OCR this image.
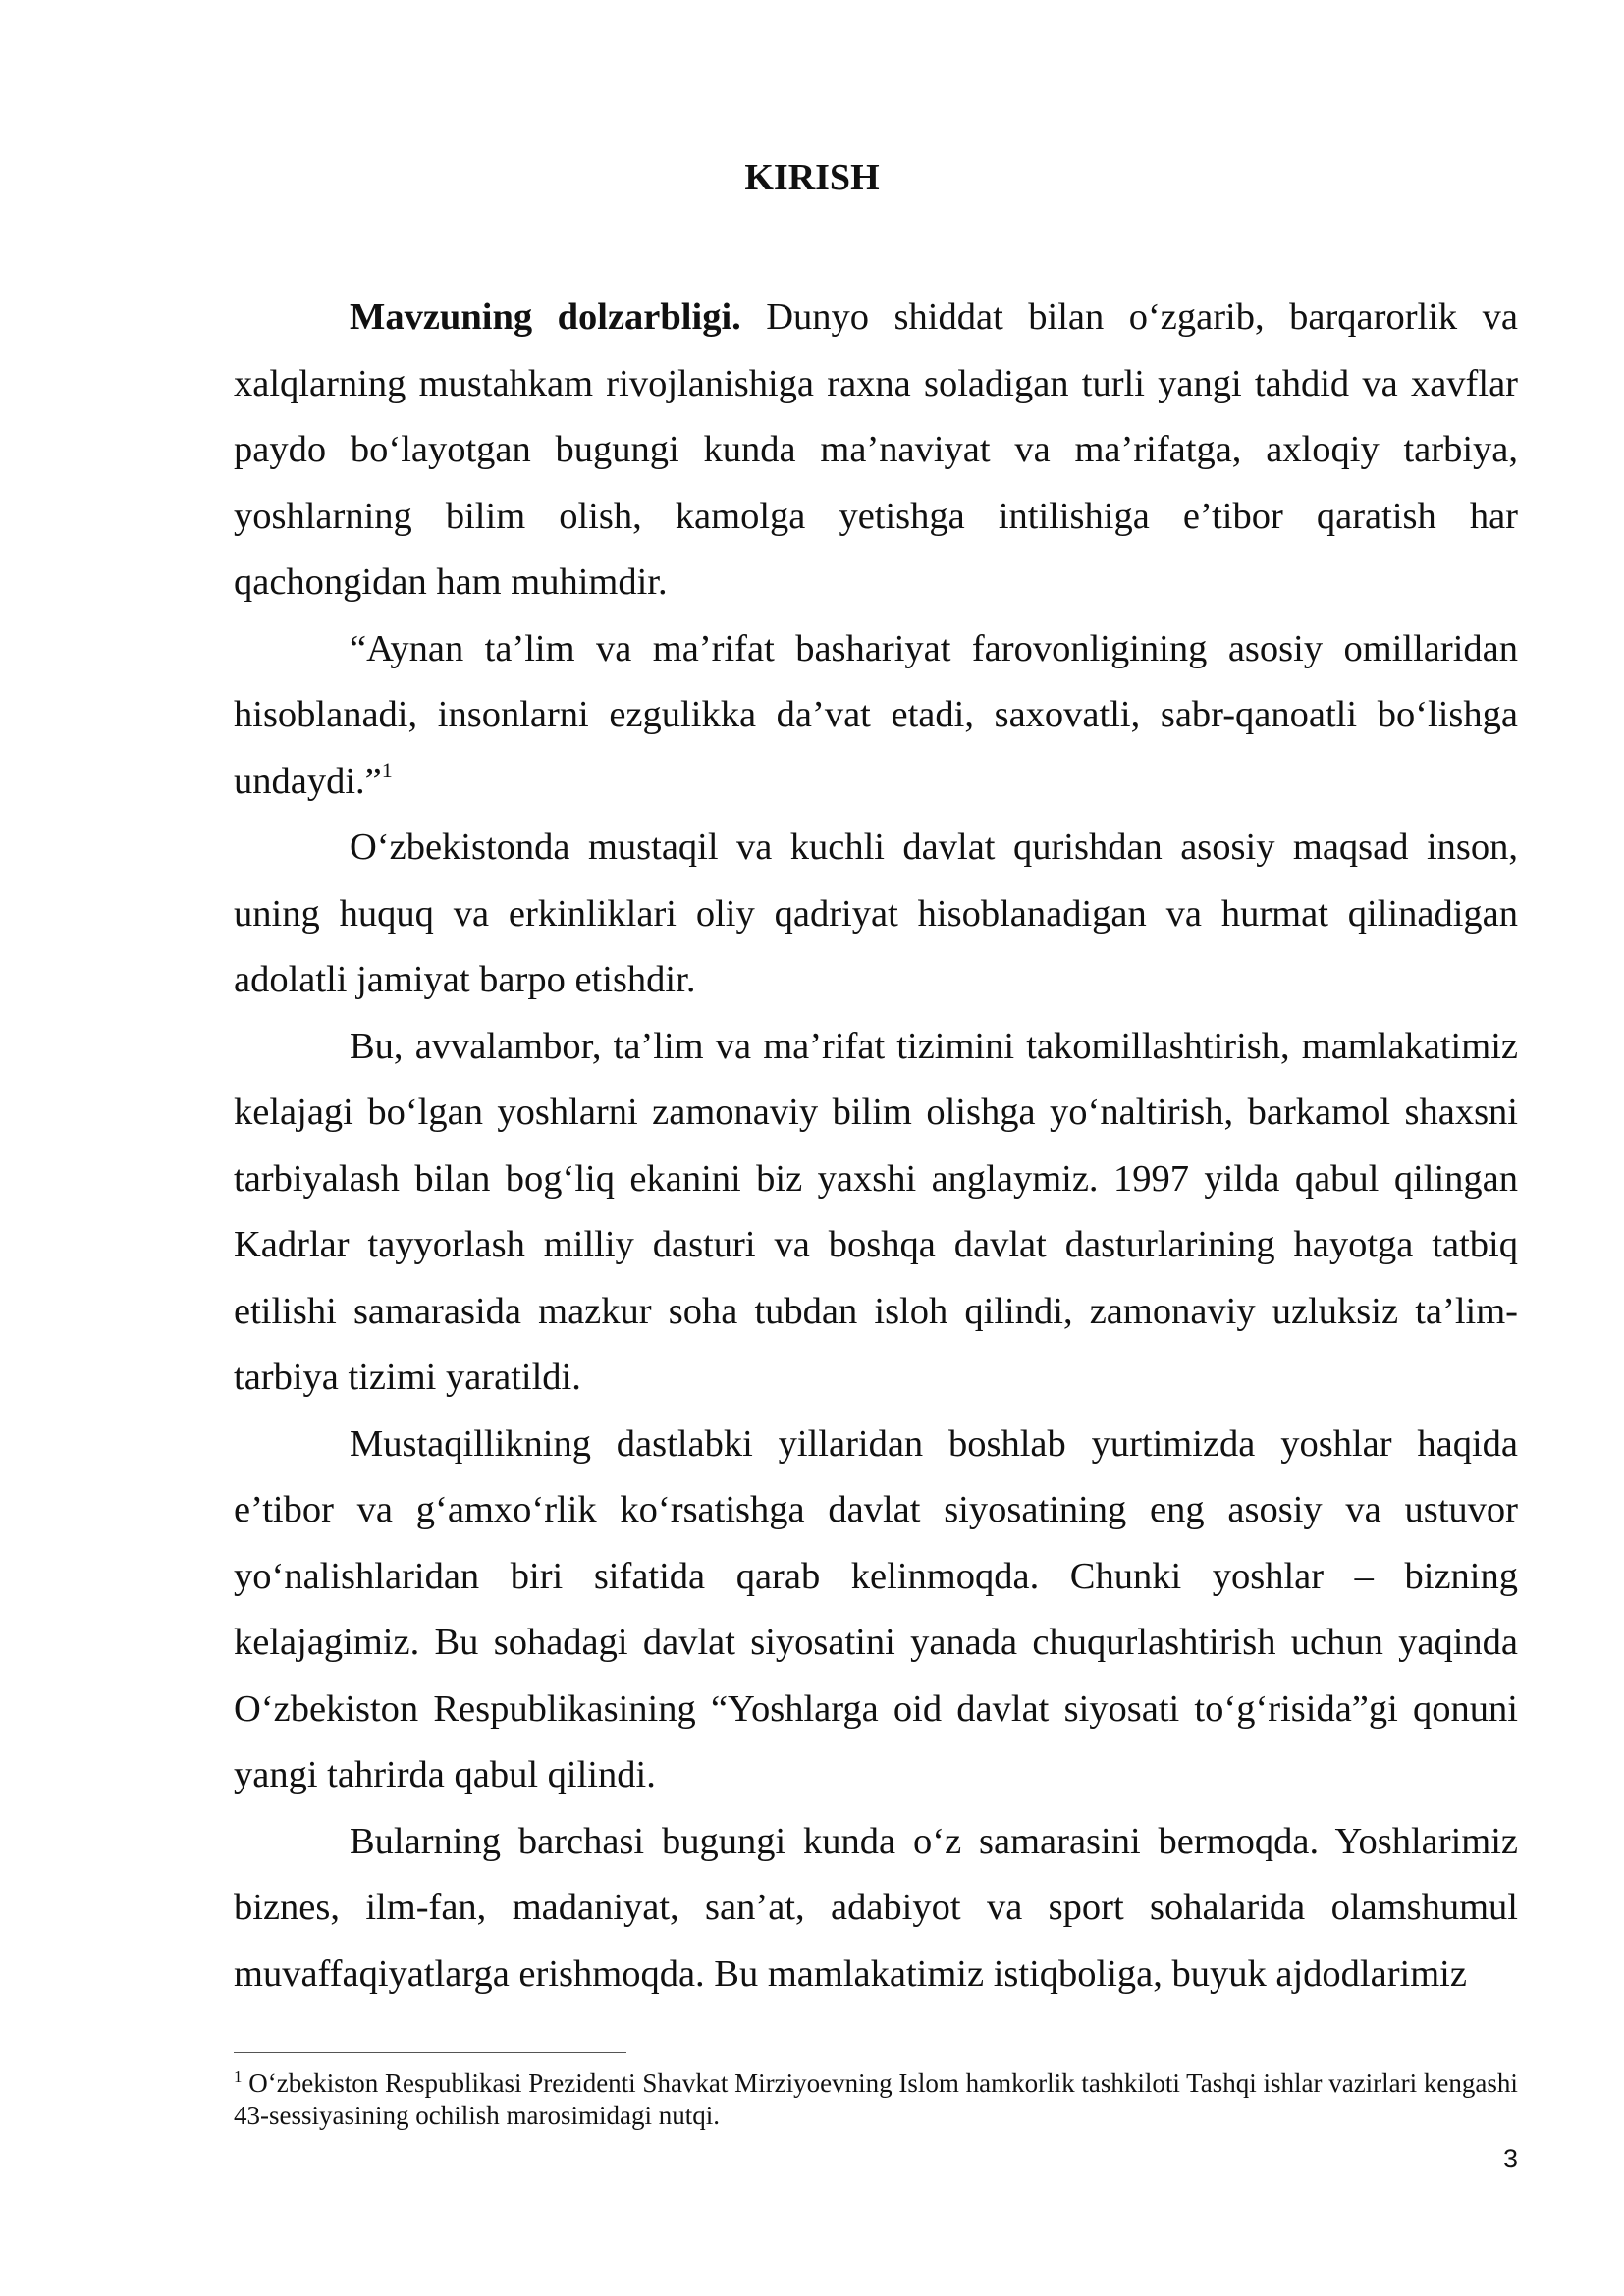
KIRISH

Mavzuning dolzarbligi. Dunyo shiddat bilan o‘zgarib, barqarorlik va xalqlarning mustahkam rivojlanishiga raxna soladigan turli yangi tahdid va xavflar paydo bo‘layotgan bugungi kunda ma’naviyat va ma’rifatga, axloqiy tarbiya, yoshlarning bilim olish, kamolga yetishga intilishiga e’tibor qaratish har qachongidan ham muhimdir.

“Aynan ta’lim va ma’rifat bashariyat farovonligining asosiy omillaridan hisoblanadi, insonlarni ezgulikka da’vat etadi, saxovatli, sabr-qanoatli bo‘lishga undaydi.”$^1$

O‘zbekistonda mustaqil va kuchli davlat qurishdan asosiy maqsad inson, uning huquq va erkinliklari oliy qadriyat hisoblanadigan va hurmat qilinadigan adolatli jamiyat barpo etishdir.

Bu, avvalambor, ta’lim va ma’rifat tizimini takomillashtirish, mamlakatimiz kelajagi bo‘lgan yoshlarni zamonaviy bilim olishga yo‘naltirish, barkamol shaxsni tarbiyalash bilan bog‘liq ekanini biz yaxshi anglaymiz. 1997 yilda qabul qilingan Kadrlar tayyorlash milliy dasturi va boshqa davlat dasturlarining hayotga tatbiq etilishi samarasida mazkur soha tubdan isloh qilindi, zamonaviy uzluksiz ta’lim-tarbiya tizimi yaratildi.

Mustaqillikning dastlabki yillaridan boshlab yurtimizda yoshlar haqida e’tibor va g‘amxo‘rlik ko‘rsatishga davlat siyosatining eng asosiy va ustuvor yo‘nalishlaridan biri sifatida qarab kelinmoqda. Chunki yoshlar – bizning kelajagimiz. Bu sohadagi davlat siyosatini yanada chuqurlashtirish uchun yaqinda O‘zbekiston Respublikasining “Yoshlarga oid davlat siyosati to‘g‘risida”gi qonuni yangi tahrirda qabul qilindi.

Bularning barchasi bugungi kunda o‘z samarasini bermoqda. Yoshlarimiz biznes, ilm-fan, madaniyat, san’at, adabiyot va sport sohalarida olamshumul muvaffaqiyatlarga erishmoqda. Bu mamlakatimiz istiqboliga, buyuk ajdodlarimiz

$^1$ O‘zbekiston Respublikasi Prezidenti Shavkat Mirziyoevning Islom hamkorlik tashkiloti Tashqi ishlar vazirlari kengashi 43-sessiyasining ochilish marosimidagi nutqi.

3
